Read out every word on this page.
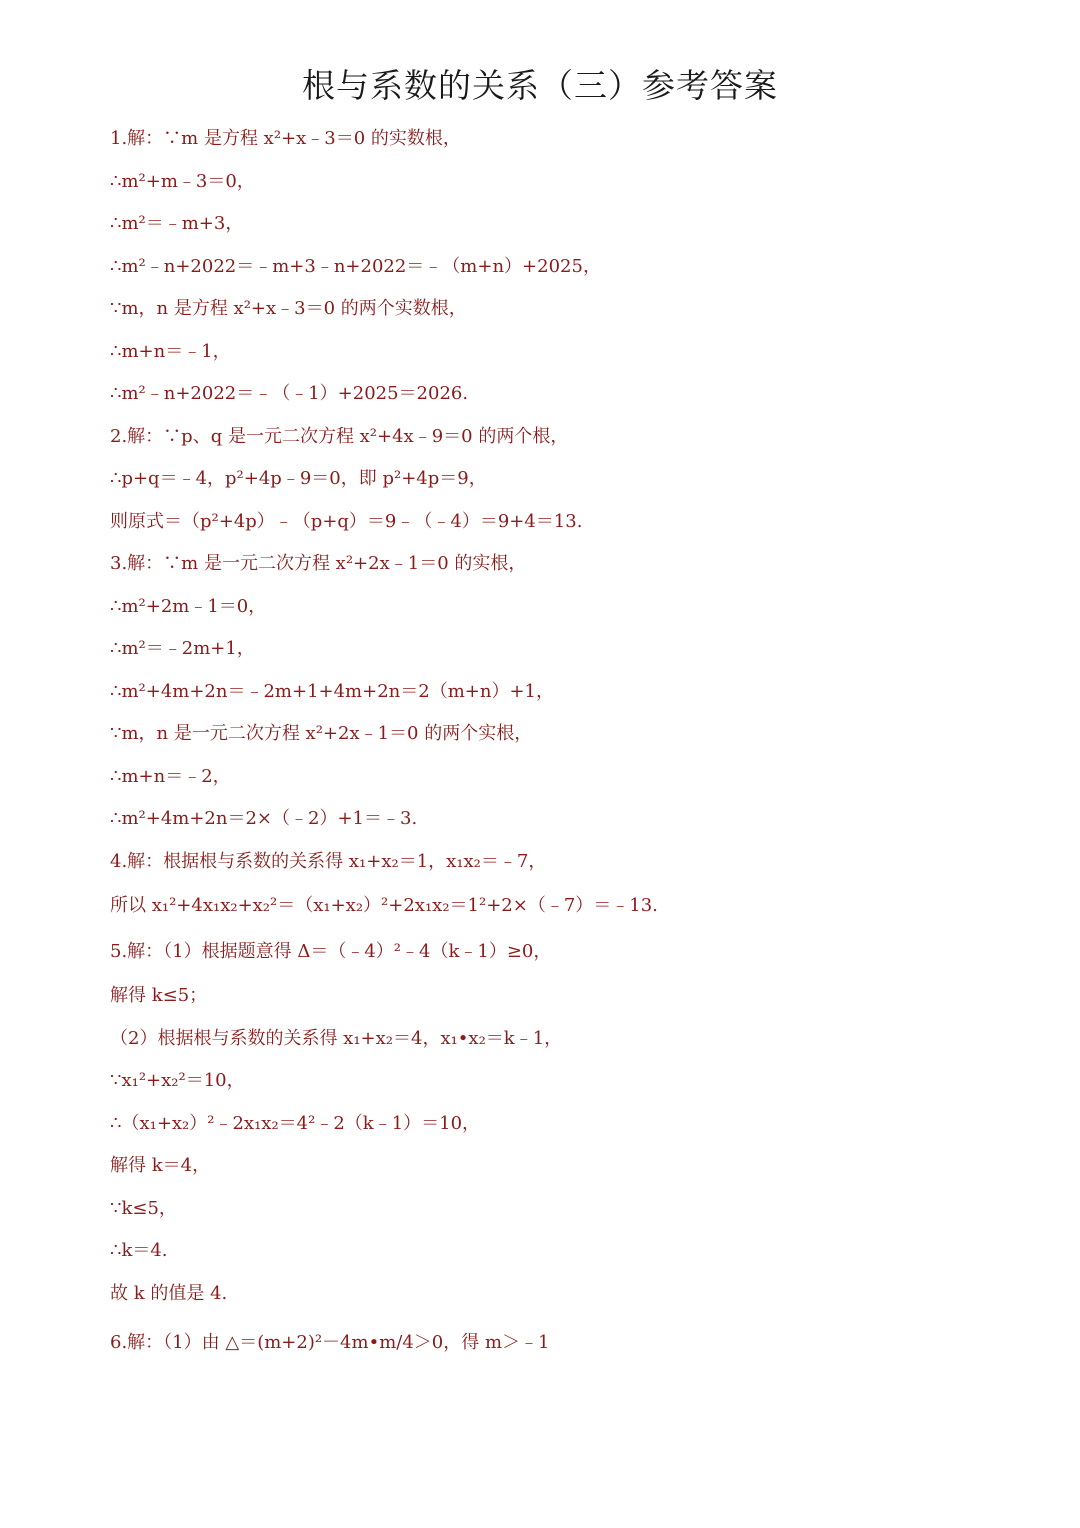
根与系数的关系（三）参考答案
1.解：∵m 是方程 x²+x﹣3＝0 的实数根，
∴m²+m﹣3＝0，
∴m²＝﹣m+3，
∴m²﹣n+2022＝﹣m+3﹣n+2022＝﹣（m+n）+2025，
∵m，n 是方程 x²+x﹣3＝0 的两个实数根，
∴m+n＝﹣1，
∴m²﹣n+2022＝﹣（﹣1）+2025＝2026.
2.解：∵p、q 是一元二次方程 x²+4x﹣9＝0 的两个根，
∴p+q＝﹣4，p²+4p﹣9＝0，即 p²+4p＝9，
则原式＝（p²+4p）﹣（p+q）＝9﹣（﹣4）＝9+4＝13.
3.解：∵m 是一元二次方程 x²+2x﹣1＝0 的实根，
∴m²+2m﹣1＝0，
∴m²＝﹣2m+1，
∴m²+4m+2n＝﹣2m+1+4m+2n＝2（m+n）+1，
∵m，n 是一元二次方程 x²+2x﹣1＝0 的两个实根，
∴m+n＝﹣2，
∴m²+4m+2n＝2×（﹣2）+1＝﹣3.
4.解：根据根与系数的关系得 x₁+x₂＝1，x₁x₂＝﹣7，
所以 x₁²+4x₁x₂+x₂²＝（x₁+x₂）²+2x₁x₂＝1²+2×（﹣7）＝﹣13.
5.解：（1）根据题意得 Δ＝（﹣4）²﹣4（k﹣1）≥0，
解得 k≤5；
（2）根据根与系数的关系得 x₁+x₂＝4，x₁•x₂＝k﹣1，
∵x₁²+x₂²＝10，
∴（x₁+x₂）²﹣2x₁x₂＝4²﹣2（k﹣1）＝10，
解得 k＝4，
∵k≤5，
∴k＝4.
故 k 的值是 4.
6.解：（1）由 △＝(m+2)²－4m•m/4＞0，得 m＞﹣1
